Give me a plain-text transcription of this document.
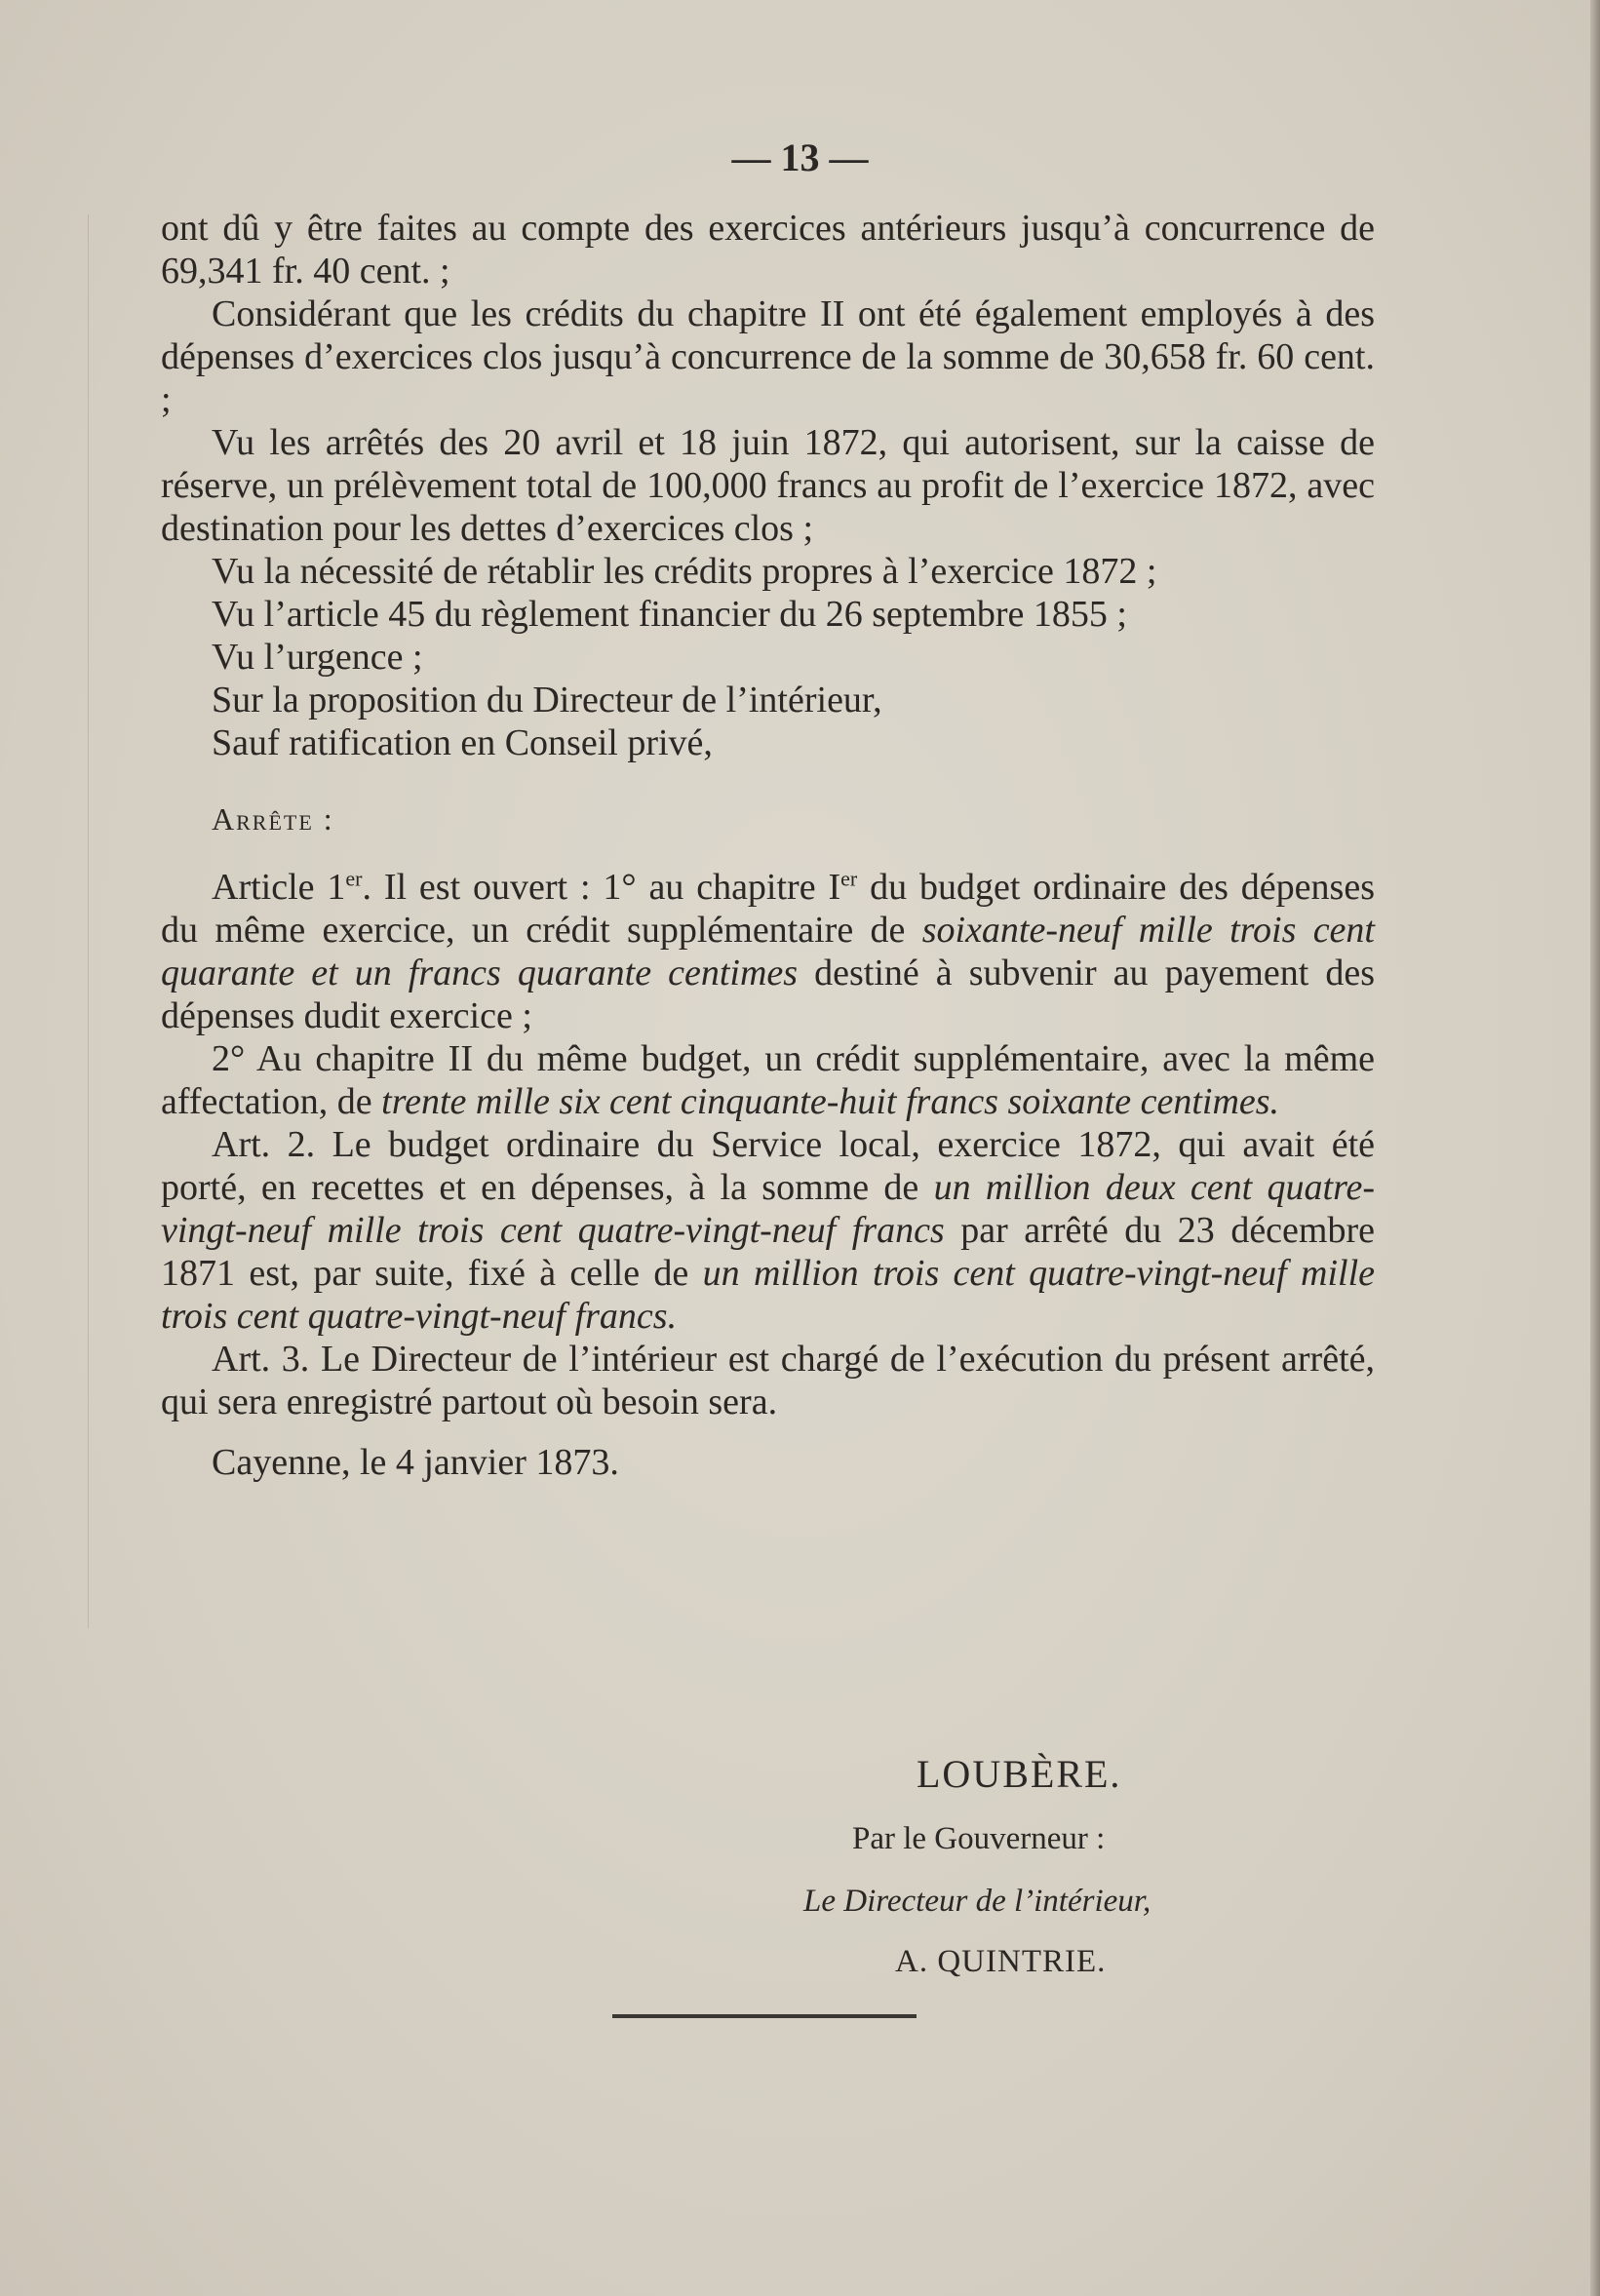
— 13 —

ont dû y être faites au compte des exercices antérieurs jusqu’à concurrence de 69,341 fr. 40 cent. ;

Considérant que les crédits du chapitre II ont été également employés à des dépenses d’exercices clos jusqu’à concurrence de la somme de 30,658 fr. 60 cent. ;

Vu les arrêtés des 20 avril et 18 juin 1872, qui autorisent, sur la caisse de réserve, un prélèvement total de 100,000 francs au profit de l’exercice 1872, avec destination pour les dettes d’exercices clos ;

Vu la nécessité de rétablir les crédits propres à l’exercice 1872 ;

Vu l’article 45 du règlement financier du 26 septembre 1855 ;

Vu l’urgence ;

Sur la proposition du Directeur de l’intérieur,

Sauf ratification en Conseil privé,

Arrête :

Article 1er. Il est ouvert : 1° au chapitre Ier du budget ordinaire des dépenses du même exercice, un crédit supplémentaire de soixante-neuf mille trois cent quarante et un francs quarante centimes destiné à subvenir au payement des dépenses dudit exercice ;

2° Au chapitre II du même budget, un crédit supplémentaire, avec la même affectation, de trente mille six cent cinquante-huit francs soixante centimes.

Art. 2. Le budget ordinaire du Service local, exercice 1872, qui avait été porté, en recettes et en dépenses, à la somme de un million deux cent quatre-vingt-neuf mille trois cent quatre-vingt-neuf francs par arrêté du 23 décembre 1871 est, par suite, fixé à celle de un million trois cent quatre-vingt-neuf mille trois cent quatre-vingt-neuf francs.

Art. 3. Le Directeur de l’intérieur est chargé de l’exécution du présent arrêté, qui sera enregistré partout où besoin sera.

Cayenne, le 4 janvier 1873.

LOUBÈRE.
Par le Gouverneur :
Le Directeur de l’intérieur,
A. QUINTRIE.
